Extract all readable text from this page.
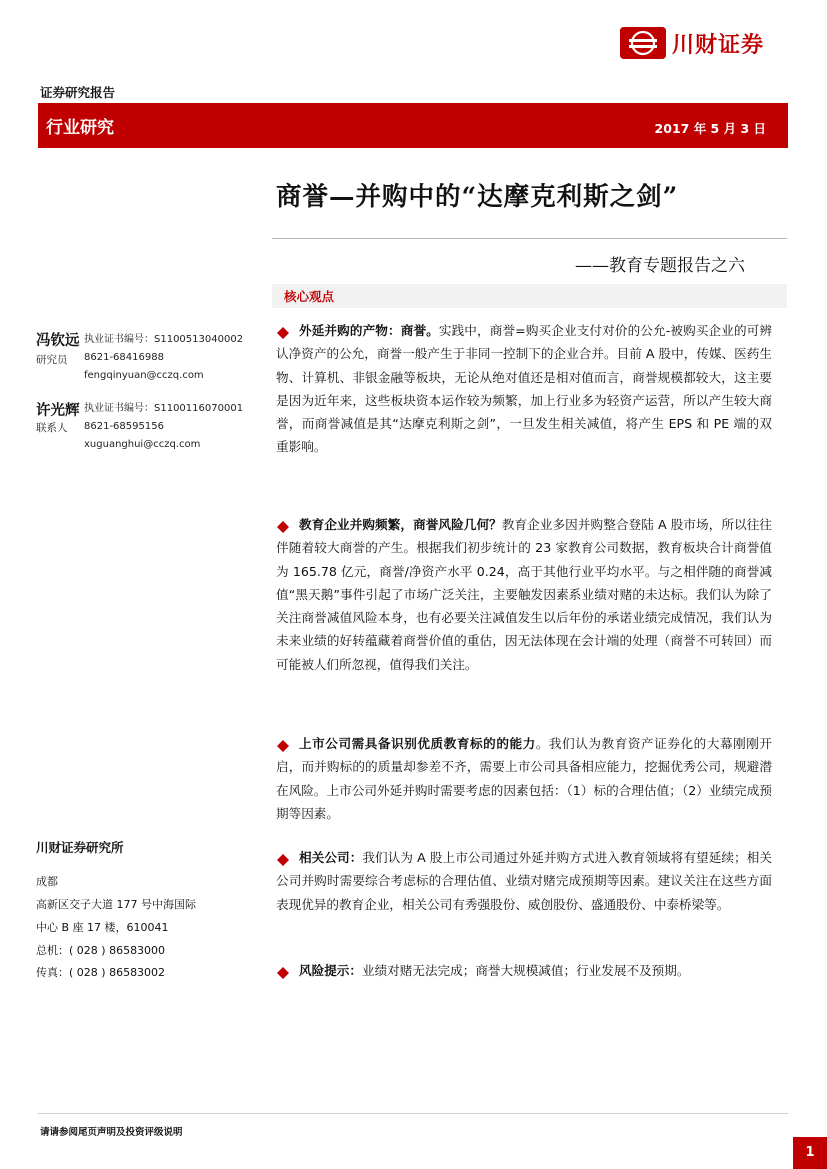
川财证券
证券研究报告
行业研究	2017 年 5 月 3 日
商誉—并购中的“达摩克利斯之剑”
——教育专题报告之六
核心观点
冯钦远
研究员
执业证书编号：S1100513040002
8621-68416988
fengqinyuan@cczq.com
许光辉
联系人
执业证书编号：S1100116070001
8621-68595156
xuguanghui@cczq.com
川财证券研究所
成都
高新区交子大道 177 号中海国际
中心 B 座 17 楼，610041
总机：( 028 ) 86583000
传真：( 028 ) 86583002
外延并购的产物：商誉。实践中，商誉=购买企业支付对价的公允-被购买企业的可辨认净资产的公允，商誉一般产生于非同一控制下的企业合并。目前 A 股中，传媒、医药生物、计算机、非银金融等板块，无论从绝对值还是相对值而言，商誉规模都较大，这主要是因为近年来，这些板块资本运作较为频繁，加上行业多为轻资产运营，所以产生较大商誉，而商誉减值是其“达摩克利斯之剑”，一旦发生相关减值，将产生 EPS 和 PE 端的双重影响。
教育企业并购频繁，商誉风险几何？教育企业多因并购整合登陆 A 股市场，所以往往伴随着较大商誉的产生。根据我们初步统计的 23 家教育公司数据，教育板块合计商誉值为 165.78 亿元，商誉/净资产水平 0.24，高于其他行业平均水平。与之相伴随的商誉减值“黑天鹅”事件引起了市场广泛关注，主要触发因素系业绩对赌的未达标。我们认为除了关注商誉减值风险本身，也有必要关注减值发生以后年份的承诺业绩完成情况，我们认为未来业绩的好转蕴藏着商誉价值的重估，因无法体现在会计端的处理（商誉不可转回）而可能被人们所忽视，值得我们关注。
上市公司需具备识别优质教育标的的能力。我们认为教育资产证券化的大幕刚刚开启，而并购标的的质量却参差不齐，需要上市公司具备相应能力，挖掘优秀公司，规避潜在风险。上市公司外延并购时需要考虑的因素包括：（1）标的合理估值；（2）业绩完成预期等因素。
相关公司：我们认为 A 股上市公司通过外延并购方式进入教育领域将有望延续；相关公司并购时需要综合考虑标的合理估值、业绩对赌完成预期等因素。建议关注在这些方面表现优异的教育企业，相关公司有秀强股份、威创股份、盛通股份、中泰桥梁等。
风险提示：业绩对赌无法完成；商誉大规模减值；行业发展不及预期。
请请参阅尾页声明及投资评级说明
1
